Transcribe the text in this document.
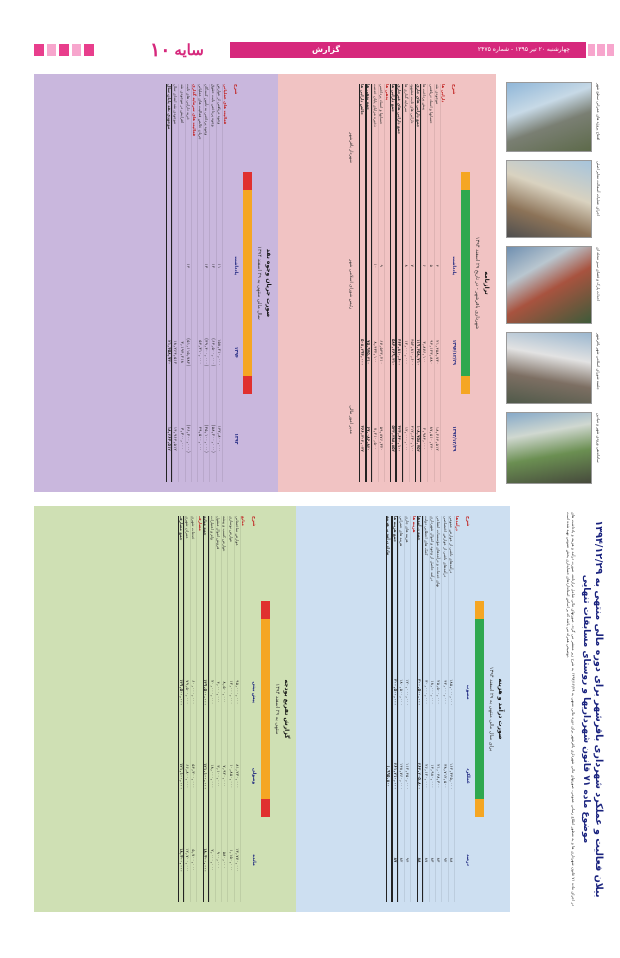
۱۰ سایه	گزارش	چهارشنبه ۲۰ تیر ۱۳۹۵ - شماره ۲۴۷۵
صورت جریان وجوه نقد
سال مالی منتهی به ۲۹ اسفند ۱۳۹۴
شرح
یادداشت
۱۳۹۴
۱۳۹۳
فعالیت های عملیاتی
وجوه دریافتی از عوارض
۱۱
۱۵۸,۲۱۰,۰۰۰
۱۴۲,۸۰۰,۰۰۰
وجوه پرداختی بابت حقوق
۱۲
(۶۴,۵۰۰,۰۰۰)
(۵۸,۲۰۰,۰۰۰)
وجوه پرداختی به تأمین کنندگان
۱۳
(۳۹,۴۰۰,۰۰۰)
(۳۵,۱۰۰,۰۰۰)
جریان خالص فعالیت های عملیاتی
۵۴,۳۱۰,۰۰۰
۴۹,۵۰۰,۰۰۰
فعالیت های سرمایه گذاری
خرید دارایی های ثابت
۱۴
(۵۱,۱۱۵,۷۸۲)
(۴۶,۲۰۰,۰۰۰)
افزایش در موجودی نقد
۳,۱۹۴,۲۱۸
۳,۳۰۰,۰۰۰
موجودی نقد ابتدای سال
۱۸,۲۶۴,۵۱۲
۱۴,۹۶۴,۵۱۲
موجودی نقد پایان سال
۲۱,۴۵۸,۷۳۰
۱۸,۲۶۴,۵۱۲
ترازنامه
شهرداری باقرشهر - در تاریخ ۲۹ اسفند ۱۳۹۴
شرح
یادداشت
۱۳۹۴/۱۲/۲۹
۱۳۹۳/۱۲/۲۹
دارایی ها
موجودی نقد
۴
۲۱,۴۵۸,۷۳۰
۱۸,۲۶۴,۵۱۲
حسابها و اسناد دریافتنی
۵
۹۴,۱۲۳,۸۸۰
۸۷,۵۱۰,۲۴۰
پیش پرداخت ها
۶
۳,۸۷۶,۱۰۰
۲,۹۸۴,۰۰۰
جمع دارایی های جاری
۱۱۹,۴۵۸,۷۱۰
۱۰۸,۷۵۸,۷۵۲
دارایی های ثابت مشهود
۷
۴۵۲,۸۱۰,۶۰۰
۴۱۲,۶۳۰,۱۰۰
سرمایه گذاری ها
۸
۱۲,۰۰۰,۰۰۰
۱۲,۰۰۰,۰۰۰
جمع دارایی های غیرجاری
۴۶۴,۸۱۰,۶۰۰
۴۲۴,۶۳۰,۱۰۰
جمع دارایی ها
۵۸۴,۲۶۹,۳۱۰
۵۳۳,۳۸۸,۸۵۲
بدهی ها
حسابها و اسناد پرداختنی
۹
۶۷,۵۴۳,۲۱۰
۵۹,۸۷۶,۳۲۰
ذخیره مزایای پایان خدمت
۱۰
۸,۴۳۲,۱۰۰
۷,۲۱۰,۵۰۰
جمع بدهی ها
۷۵,۹۷۵,۳۱۰
۶۷,۰۸۶,۸۲۰
خالص دارایی ها
۵۰۸,۲۹۴,۰۰۰
۴۶۶,۳۰۲,۰۳۲
شهردار باقرشهر
رئیس شورای اسلامی شهر
مدیر امور مالی
افتتاح پروژه های عمرانی سطح شهر
اجرای عملیات آسفالت معابر اصلی
احداث پارک و فضای سبز محله ای
جلسه شورای اسلامی شهر باقرشهر
ساماندهی ورودی شهر و میادین
گزارش تفریغ بودجه
منتهی به ۲۹ اسفند ۱۳۹۴
شرح
پیش بینی
وصولی
مانده
منابع
عوارض ساختمانی
۹۵,۰۰۰,۰۰۰
۸۱,۲۳۰,۰۰۰
۱۳,۷۷۰,۰۰۰
عوارض نوسازی
۱۲,۰۰۰,۰۰۰
۱۰,۸۵۰,۰۰۰
۱,۱۵۰,۰۰۰
عوارض کسب و پیشه
۸,۵۰۰,۰۰۰
۷,۹۲۰,۰۰۰
۵۸۰,۰۰۰
فروش اموال منقول
۴,۰۰۰,۰۰۰
۳,۱۰۰,۰۰۰
۹۰۰,۰۰۰
وام و اعتبارات
۲۰,۰۰۰,۰۰۰
۱۸,۰۰۰,۰۰۰
۲,۰۰۰,۰۰۰
جمع منابع
۱۳۹,۵۰۰,۰۰۰
۱۲۱,۱۰۰,۰۰۰
۱۸,۴۰۰,۰۰۰
مصارف
خدمات شهری
۶۰,۰۰۰,۰۰۰
۵۴,۳۰۰,۰۰۰
۵,۷۰۰,۰۰۰
عمران شهری
۷۹,۵۰۰,۰۰۰
۶۶,۸۰۰,۰۰۰
۱۲,۷۰۰,۰۰۰
جمع مصارف
۱۳۹,۵۰۰,۰۰۰
۱۲۱,۱۰۰,۰۰۰
۱۸,۴۰۰,۰۰۰
صورت درآمد و هزینه
برای سال مالی منتهی به ۲۹ اسفند ۱۳۹۴
شرح
مصوب
عملکرد
درصد
درآمدها
درآمدهای ناشی از عوارض عمومی
۱۸۵,۰۰۰,۰۰۰
۱۶۲,۳۴۵,۰۰۰
۸۸
درآمدهای ناشی از عوارض اختصاصی
۴۲,۰۰۰,۰۰۰
۳۸,۷۱۲,۵۰۰
۹۲
بهای خدمات و درآمدهای مؤسسات انتفاعی
۲۵,۵۰۰,۰۰۰
۲۱,۰۴۸,۳۰۰
۸۳
درآمد حاصل از وجوه و اموال شهرداری
۱۸,۰۰۰,۰۰۰
۱۴,۹۸۰,۰۰۰
۸۳
کمک های اعطایی دولت
۳۰,۰۰۰,۰۰۰
۲۶,۱۲۰,۰۰۰
۸۷
جمع درآمدها
۳۰۰,۵۰۰,۰۰۰
۲۶۳,۲۰۵,۸۰۰
۸۸
هزینه ها
هزینه های جاری
۱۲۰,۰۰۰,۰۰۰
۱۱۲,۴۵۰,۰۰۰
۹۴
هزینه های عمرانی
۱۸۰,۵۰۰,۰۰۰
۱۴۸,۷۶۰,۰۰۰
۸۲
جمع هزینه ها
۳۰۰,۵۰۰,۰۰۰
۲۶۱,۲۱۰,۰۰۰
۸۷
مازاد درآمد بر هزینه
۱,۹۹۵,۸۰۰
بیلان فعالیت و عملکرد شهرداری باقرشهر برای دوره مالی منتهی به ۱۳۹۴/۱۲/۲۹
موضوع ماده ۷۱ قانون شهرداریها و روستای مسابقات تنهایی
در اجرای ماده ۷۱ قانون شهرداری ها و به منظور اطلاع رسانی عمومی، صورتهای مالی شهرداری باقرشهر برای دوره مالی منتهی به ۱۳۹۴/۱۲/۲۹ به شرح زیر منتشر می گردد. صورتهای مالی شامل ترازنامه، صورت درآمد و هزینه و یادداشت های توضیحی همراه می باشد که بر اساس استانداردهای حسابداری بخش عمومی تهیه شده است.
